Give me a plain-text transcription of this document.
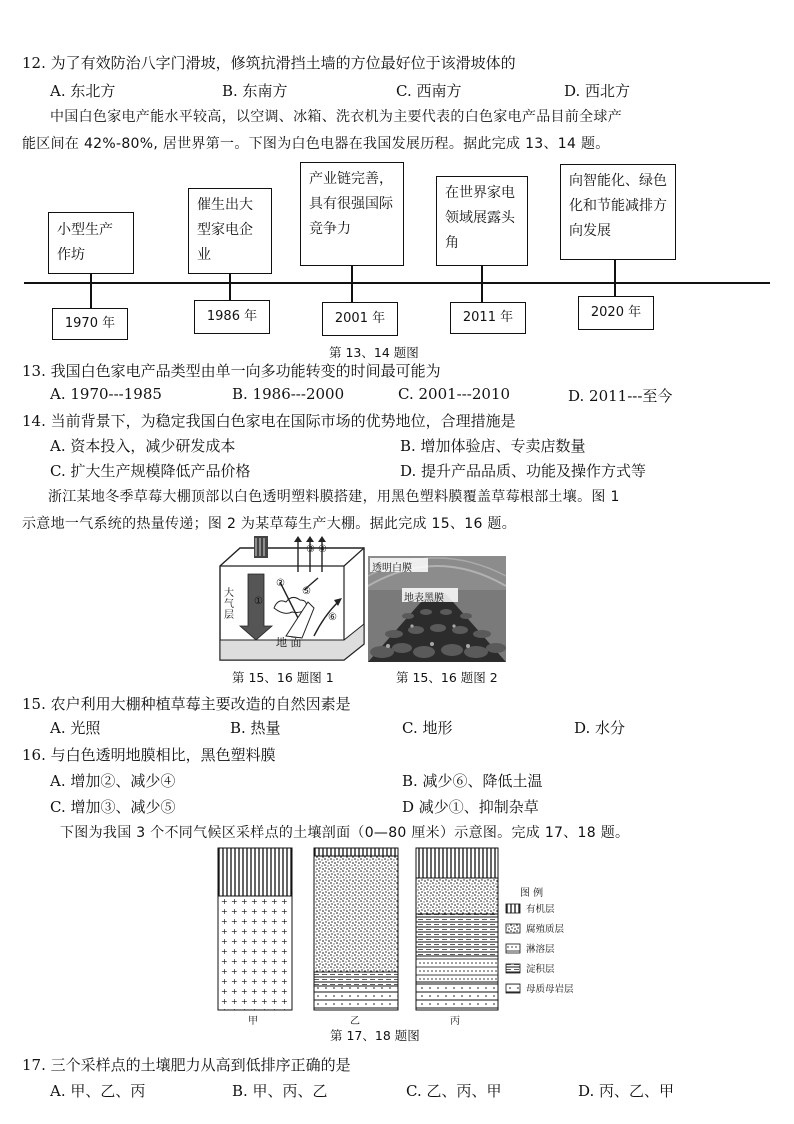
12. 为了有效防治八字门滑坡，修筑抗滑挡土墙的方位最好位于该滑坡体的
A. 东北方	B. 东南方	C. 西南方	D. 西北方
中国白色家电产能水平较高，以空调、冰箱、洗衣机为主要代表的白色家电产品目前全球产
能区间在 42%-80%, 居世界第一。下图为白色电器在我国发展历程。据此完成 13、14 题。
小型生产作坊
1970 年
催生出大型家电企业
1986 年
产业链完善，具有很强国际竞争力
2001 年
在世界家电领域展露头角
2011 年
向智能化、绿色化和节能减排方向发展
2020 年
第 13、14 题图
13. 我国白色家电产品类型由单一向多功能转变的时间最可能为
A. 1970---1985	B. 1986---2000	C. 2001---2010	D. 2011---至今
14. 当前背景下，为稳定我国白色家电在国际市场的优势地位，合理措施是
A. 资本投入，减少研发成本	B. 增加体验店、专卖店数量
C. 扩大生产规模降低产品价格	D. 提升产品品质、功能及操作方式等
浙江某地冬季草莓大棚顶部以白色透明塑料膜搭建，用黑色塑料膜覆盖草莓根部土壤。图 1
示意地一气系统的热量传递；图 2 为某草莓生产大棚。据此完成 15、16 题。
大气层
地 面
①
②
③ ④
⑤
⑥
第 15、16 题图 1
透明白膜
地表黑膜
第 15、16 题图 2
15. 农户利用大棚种植草莓主要改造的自然因素是
A. 光照	B. 热量	C. 地形	D. 水分
16. 与白色透明地膜相比，黑色塑料膜
A. 增加②、减少④	B. 减少⑥、降低土温
C. 增加③、减少⑤	D 减少①、抑制杂草
下图为我国 3 个不同气候区采样点的土壤剖面（0—80 厘米）示意图。完成 17、18 题。
甲	乙	丙
图 例
有机层
腐殖质层
淋溶层
淀积层
母质母岩层
第 17、18 题图
17. 三个采样点的土壤肥力从高到低排序正确的是
A. 甲、乙、丙	B. 甲、丙、乙	C. 乙、丙、甲	D. 丙、乙、甲
